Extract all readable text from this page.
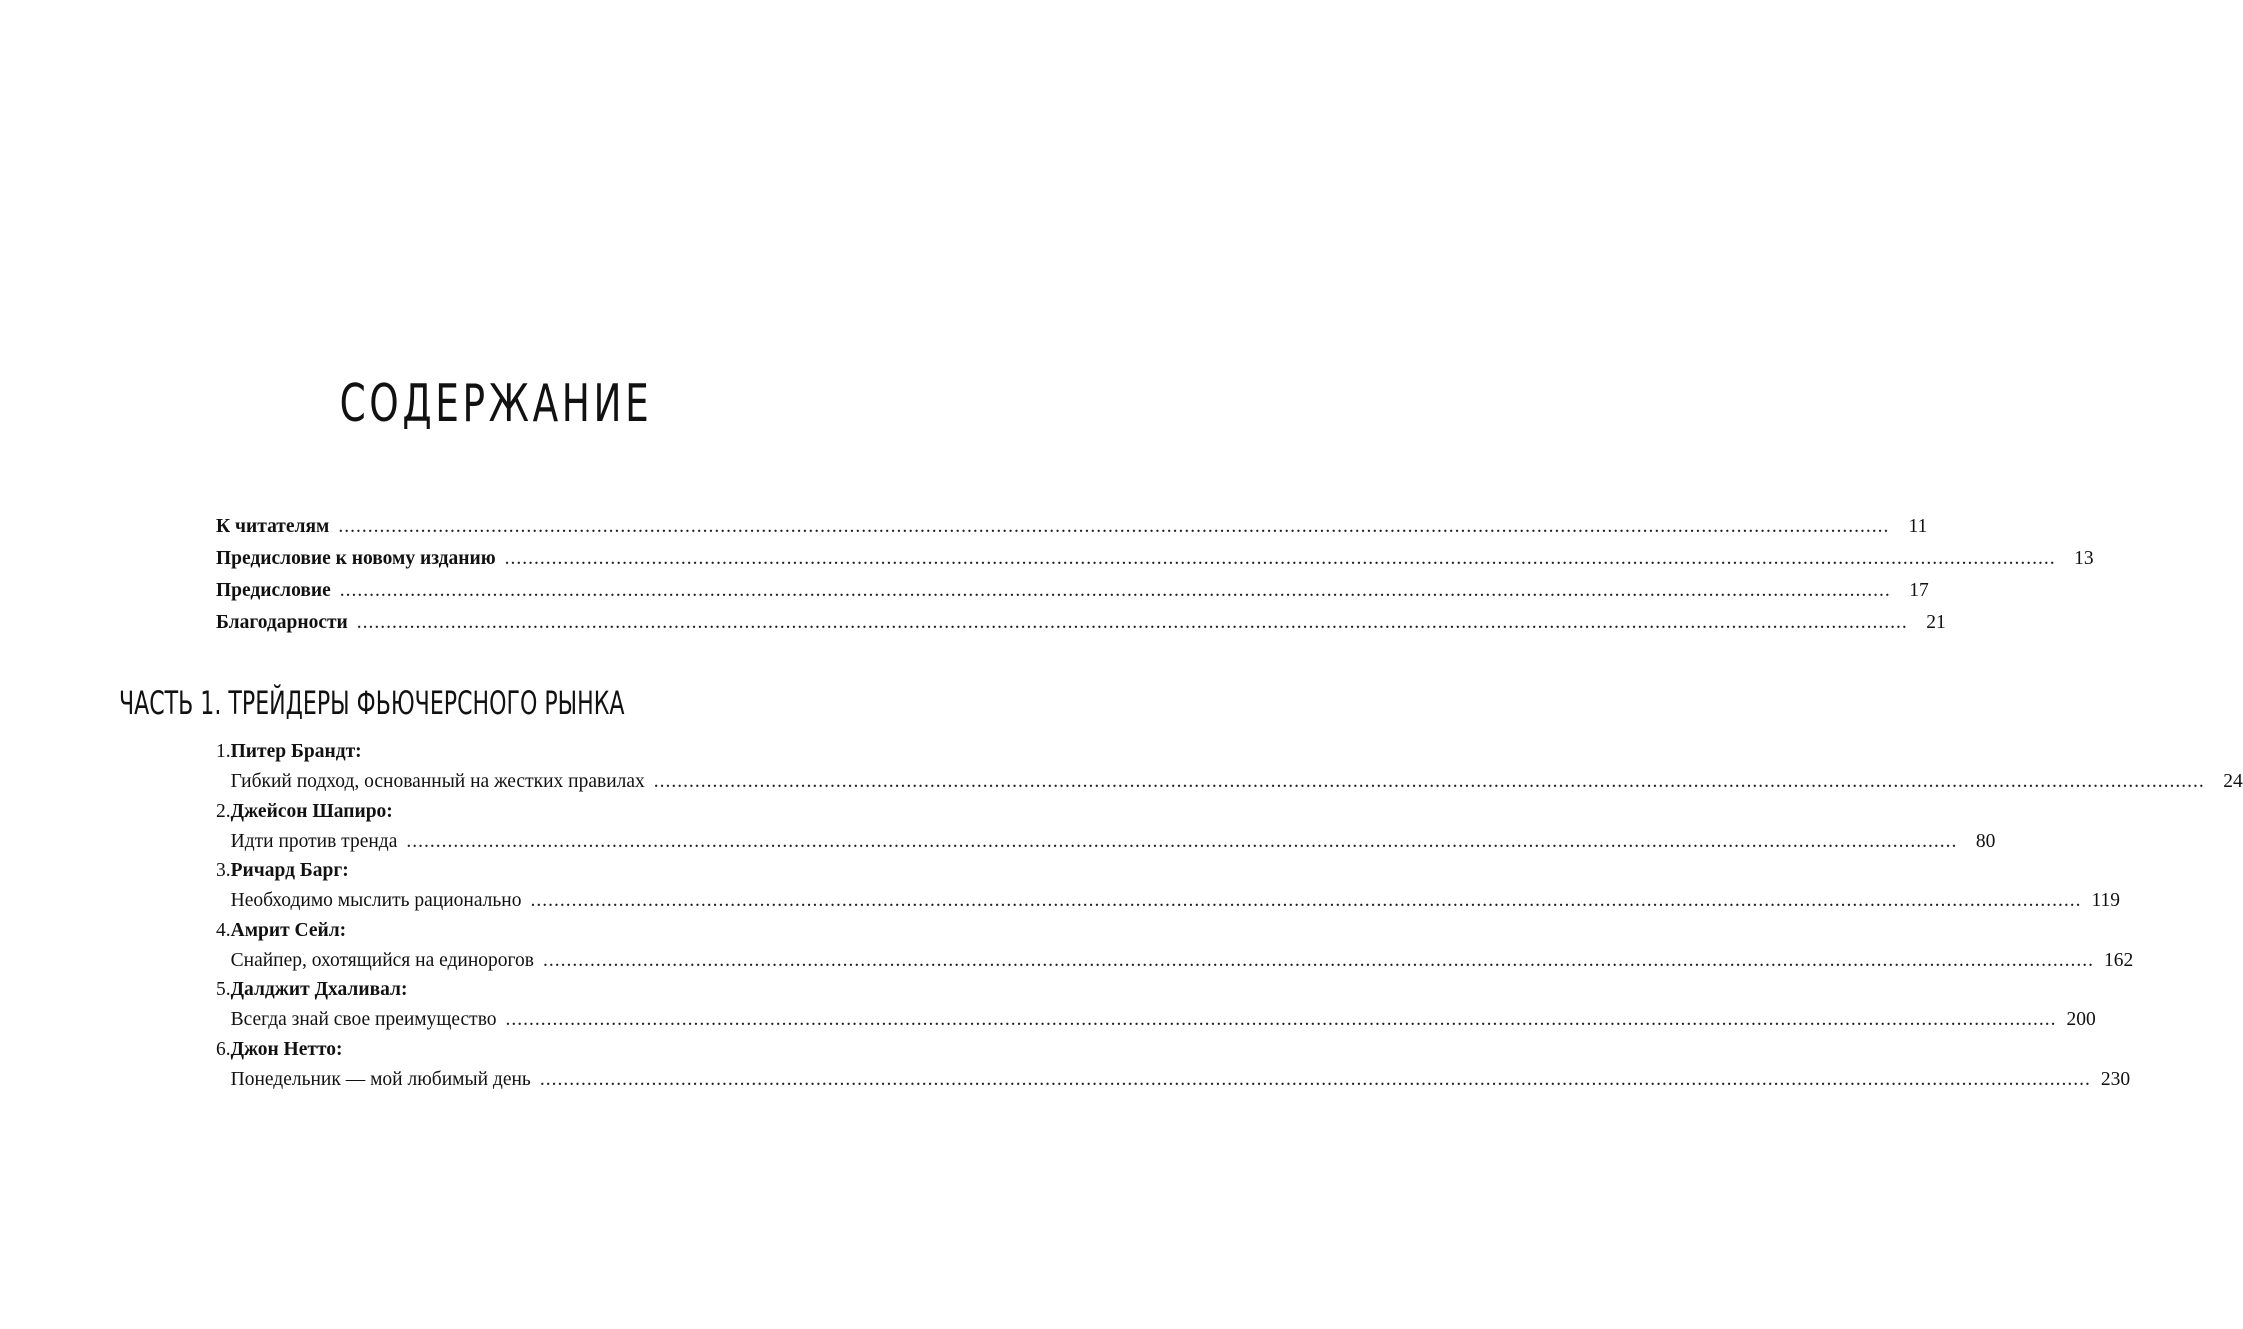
СОДЕРЖАНИЕ
К читателям .....	11
Предисловие к новому изданию .....	13
Предисловие .....	17
Благодарности .....	21
ЧАСТЬ 1. ТРЕЙДЕРЫ ФЬЮЧЕРСНОГО РЫНКА
1. Питер Брандт:
Гибкий подход, основанный на жестких правилах .....	24
2. Джейсон Шапиро:
Идти против тренда .....	80
3. Ричард Барг:
Необходимо мыслить рационально .....	119
4. Амрит Сейл:
Снайпер, охотящийся на единорогов .....	162
5. Далджит Дхаливал:
Всегда знай свое преимущество .....	200
6. Джон Нетто:
Понедельник — мой любимый день .....	230
